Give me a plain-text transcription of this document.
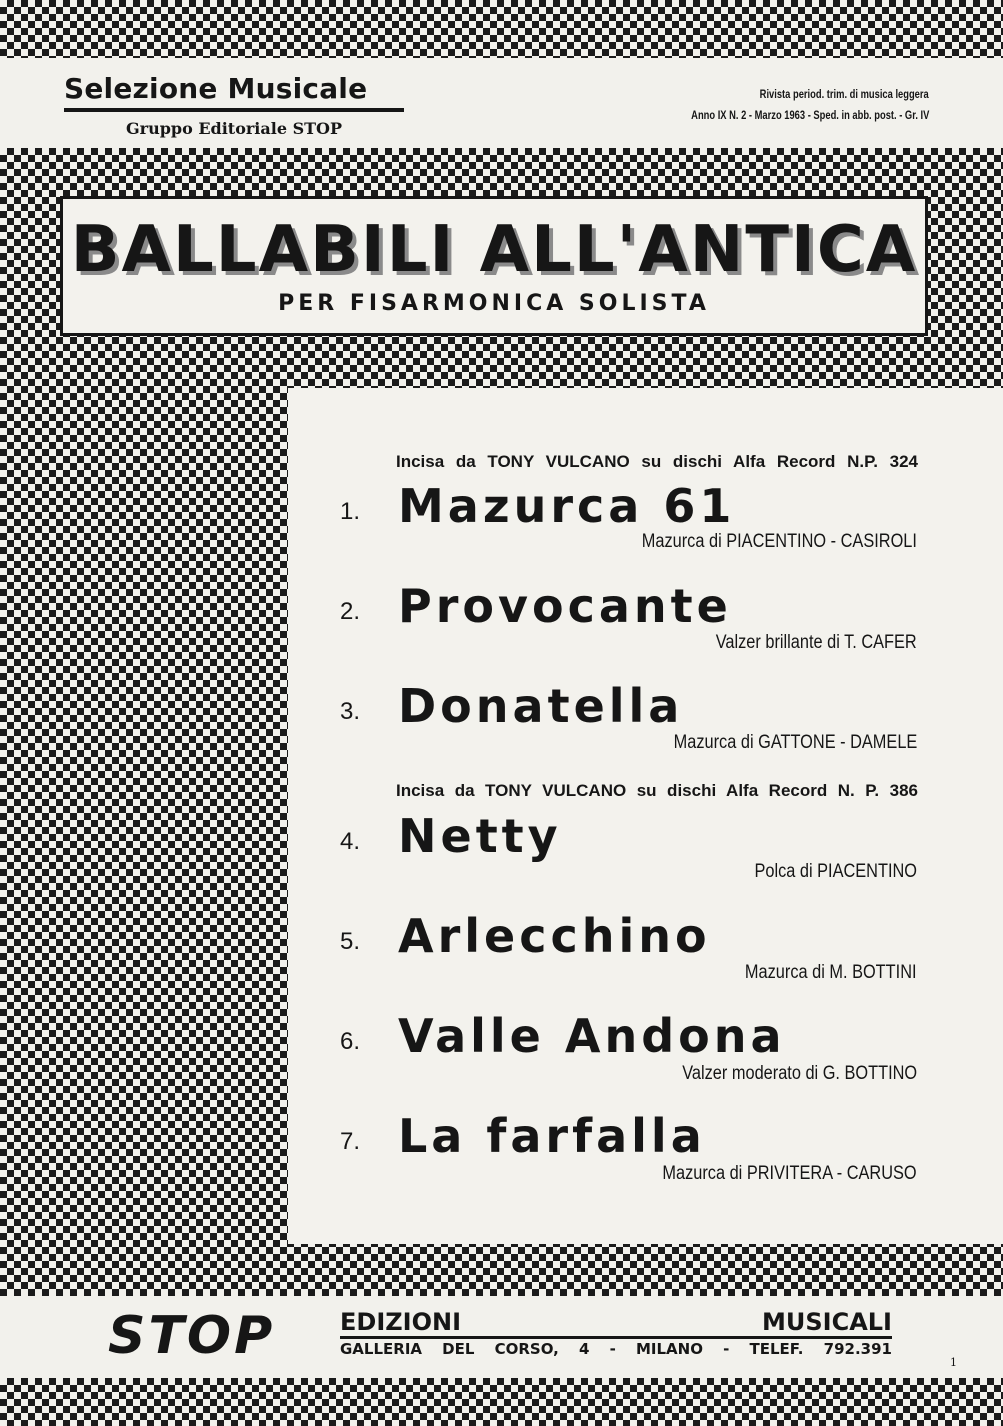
Selezione Musicale
Gruppo Editoriale STOP
Rivista period. trim. di musica leggera
Anno IX N. 2 - Marzo 1963 - Sped. in abb. post. - Gr. IV
BALLABILI ALL'ANTICA
PER FISARMONICA SOLISTA
Incisa da TONY VULCANO su dischi Alfa Record N.P. 324
1. Mazurca 61
Mazurca di PIACENTINO - CASIROLI
2. Provocante
Valzer brillante di T. CAFER
3. Donatella
Mazurca di GATTONE - DAMELE
Incisa da TONY VULCANO su dischi Alfa Record N. P. 386
4. Netty
Polca di PIACENTINO
5. Arlecchino
Mazurca di M. BOTTINI
6. Valle Andona
Valzer moderato di G. BOTTINO
7. La farfalla
Mazurca di PRIVITERA - CARUSO
STOP	EDIZIONI MUSICALI
GALLERIA DEL CORSO, 4 - MILANO - TELEF. 792.391
1
